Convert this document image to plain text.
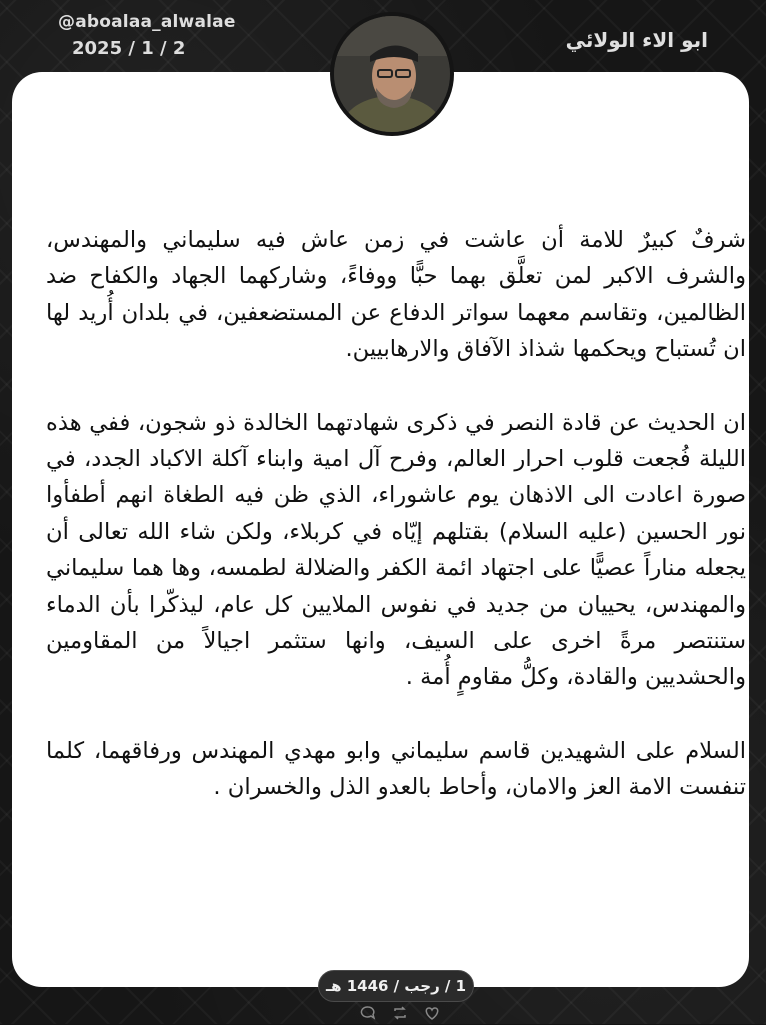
@aboalaa_alwalae
2025 / 1 / 2	ابو الاء الولائي

شرفٌ كبيرٌ للامة أن عاشت في زمن عاش فيه سليماني والمهندس، والشرف الاكبر لمن تعلَّق بهما حبًّا ووفاءً، وشاركهما الجهاد والكفاح ضد الظالمين، وتقاسم معهما سواتر الدفاع عن المستضعفين، في بلدان أُريد لها ان تُستباح ويحكمها شذاذ الآفاق والارهابيين.

ان الحديث عن قادة النصر في ذكرى شهادتهما الخالدة ذو شجون، ففي هذه الليلة فُجعت قلوب احرار العالم، وفرح آل امية وابناء آكلة الاكباد الجدد، في صورة اعادت الى الاذهان يوم عاشوراء، الذي ظن فيه الطغاة انهم أطفأوا نور الحسين (عليه السلام) بقتلهم إيّاه في كربلاء، ولكن شاء الله تعالى أن يجعله مناراً عصيًّا على اجتهاد ائمة الكفر والضلالة لطمسه، وها هما سليماني والمهندس، يحييان من جديد في نفوس الملايين كل عام، ليذكّرا بأن الدماء ستنتصر مرةً اخرى على السيف، وانها ستثمر اجيالاً من المقاومين والحشديين والقادة، وكلُّ مقاومٍ أُمة .

السلام على الشهيدين قاسم سليماني وابو مهدي المهندس ورفاقهما، كلما تنفست الامة العز والامان، وأحاط بالعدو الذل والخسران .

1 / رجب / 1446 هـ
